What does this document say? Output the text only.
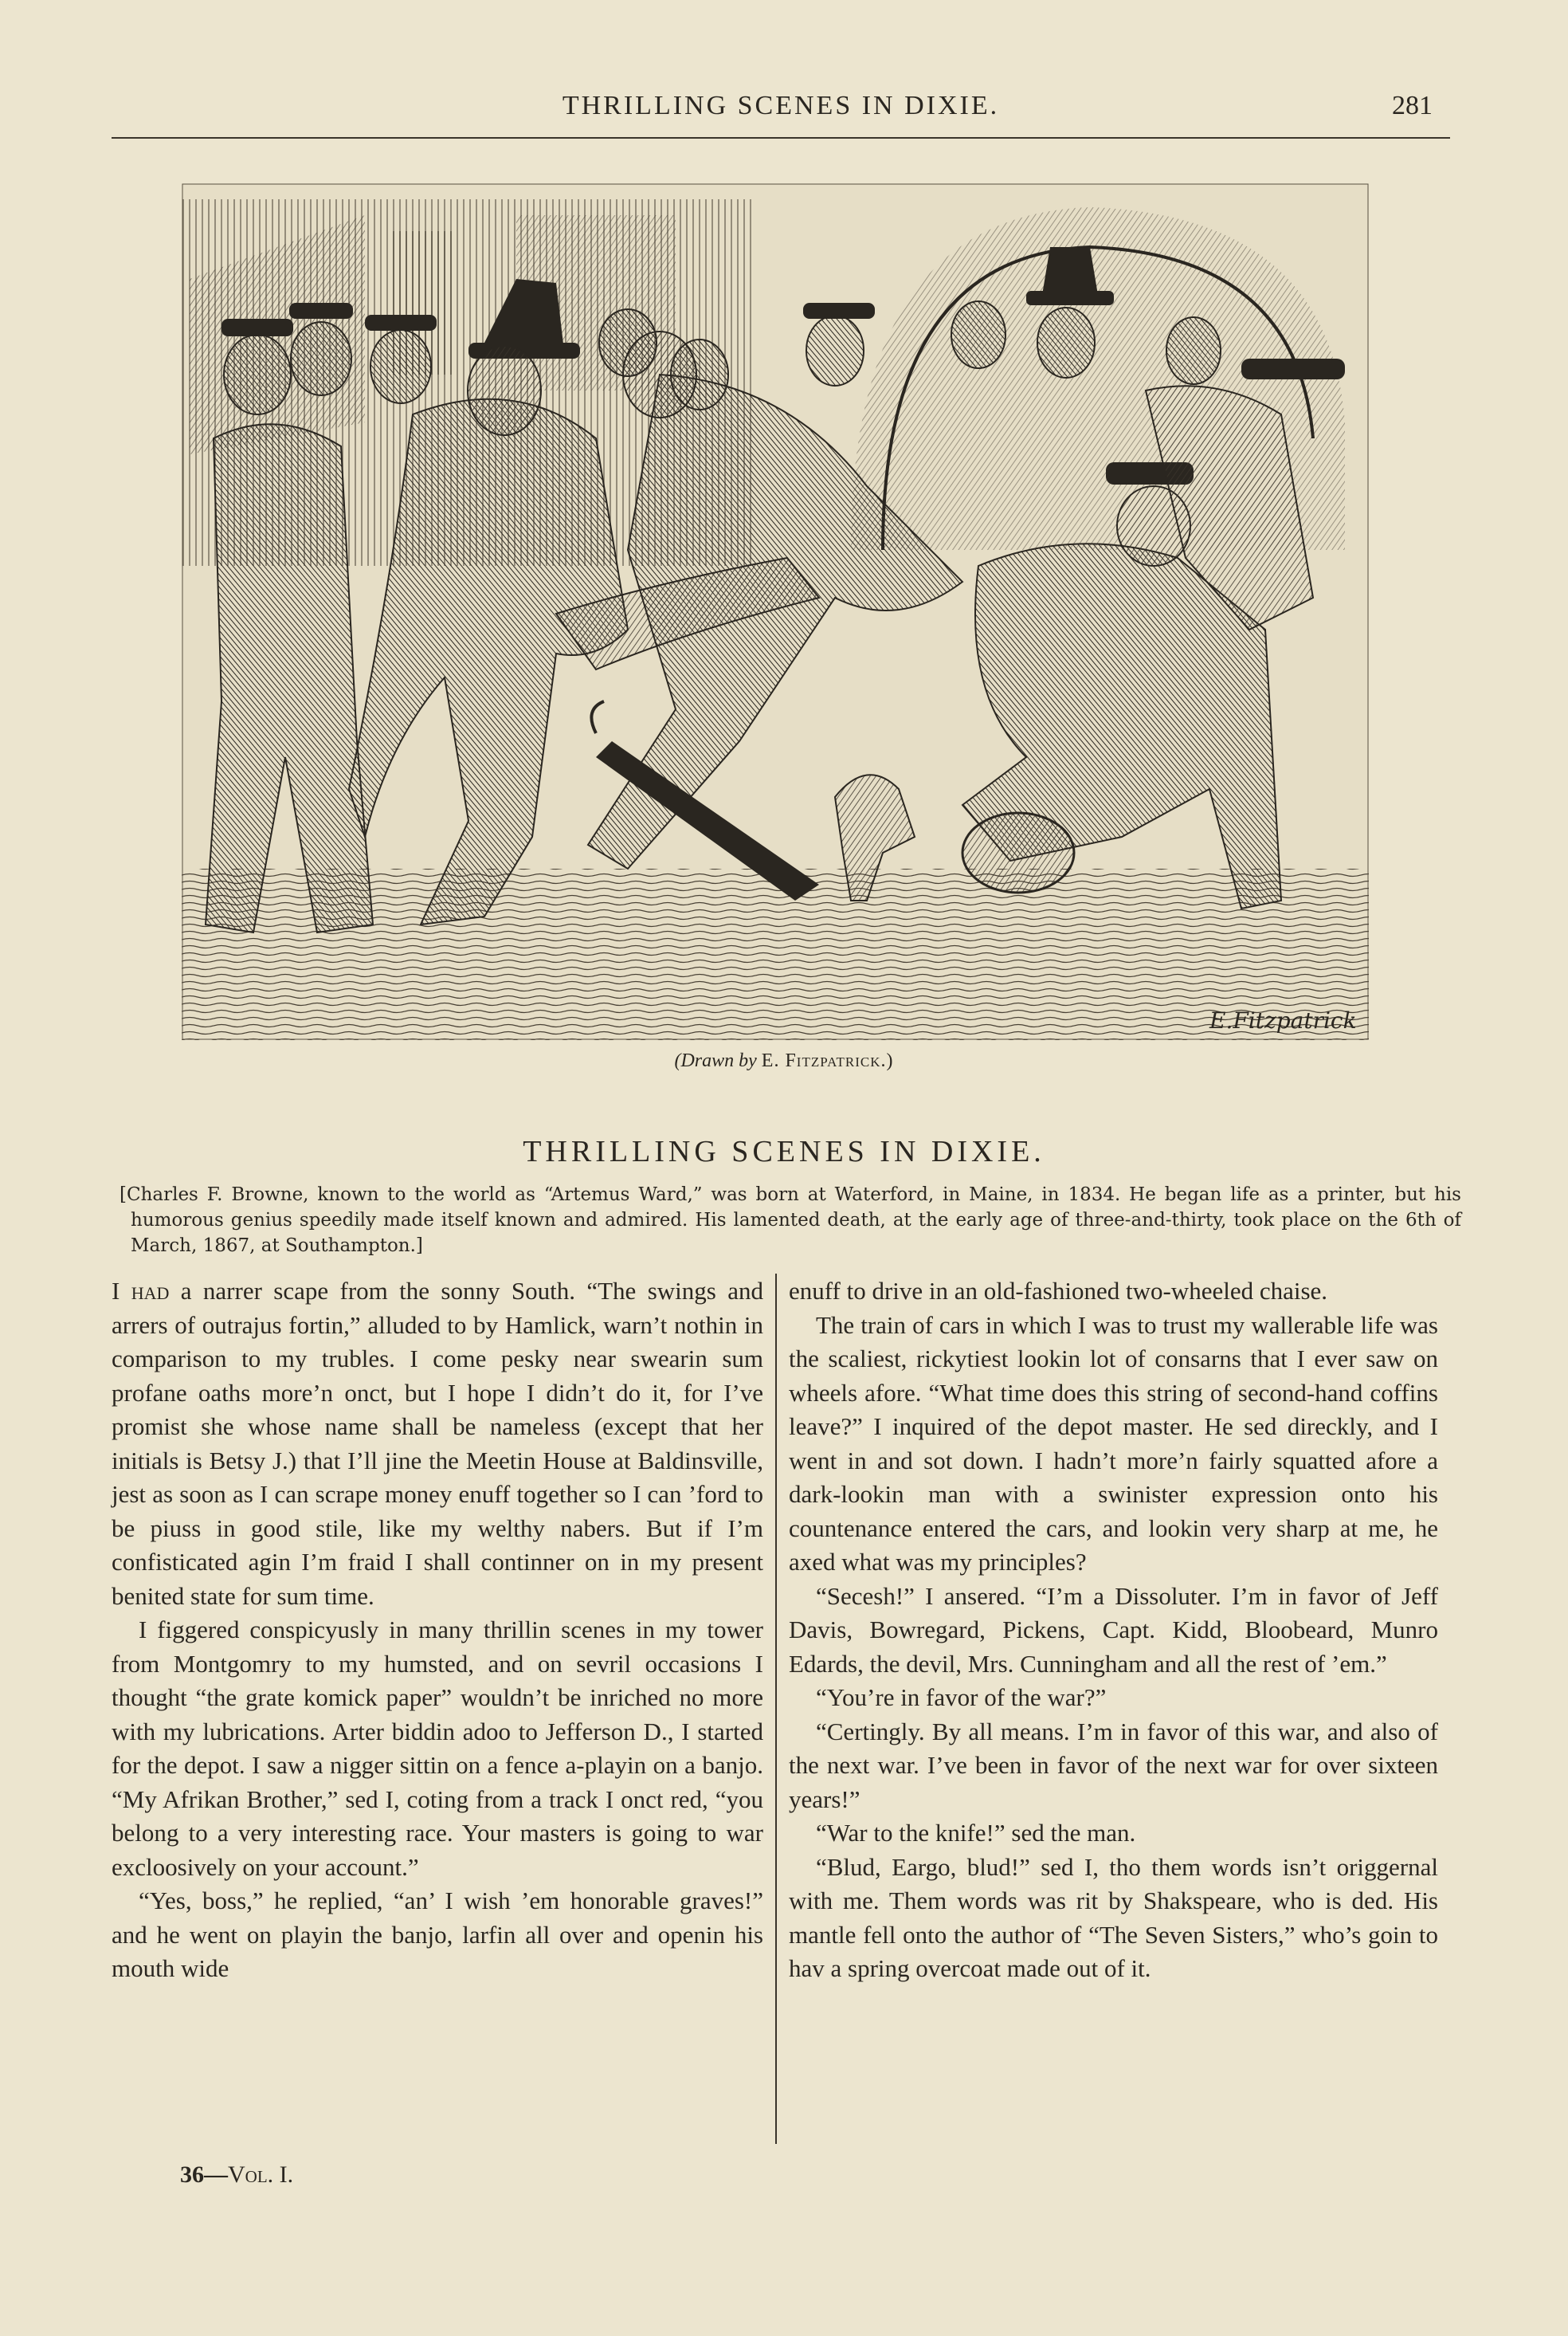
THRILLING SCENES IN DIXIE.	281
E.Fitzpatrick
(Drawn by E. Fitzpatrick.)
THRILLING SCENES IN DIXIE.
[Charles F. Browne, known to the world as “Artemus Ward,” was born at Waterford, in Maine, in 1834. He began life as a printer, but his humorous genius speedily made itself known and admired. His lamented death, at the early age of three-and-thirty, took place on the 6th of March, 1867, at Southampton.]

I had a narrer scape from the sonny South. “The swings and arrers of outrajus fortin,” alluded to by Hamlick, warn’t nothin in comparison to my trubles. I come pesky near swearin sum profane oaths more’n onct, but I hope I didn’t do it, for I’ve promist she whose name shall be nameless (except that her initials is Betsy J.) that I’ll jine the Meetin House at Baldinsville, jest as soon as I can scrape money enuff together so I can ’ford to be piuss in good stile, like my welthy nabers. But if I’m confisticated agin I’m fraid I shall continner on in my present benited state for sum time.

I figgered conspicyusly in many thrillin scenes in my tower from Montgomry to my humsted, and on sevril occasions I thought “the grate komick paper” wouldn’t be inriched no more with my lubrications. Arter biddin adoo to Jefferson D., I started for the depot. I saw a nigger sittin on a fence a-playin on a banjo. “My Afrikan Brother,” sed I, coting from a track I onct red, “you belong to a very interesting race. Your masters is going to war excloosively on your account.”

“Yes, boss,” he replied, “an’ I wish ’em honorable graves!” and he went on playin the banjo, larfin all over and openin his mouth wide

enuff to drive in an old-fashioned two-wheeled chaise.

The train of cars in which I was to trust my wallerable life was the scaliest, rickytiest lookin lot of consarns that I ever saw on wheels afore. “What time does this string of second-hand coffins leave?” I inquired of the depot master. He sed direckly, and I went in and sot down. I hadn’t more’n fairly squatted afore a dark-lookin man with a swinister expression onto his countenance entered the cars, and lookin very sharp at me, he axed what was my principles?

“Secesh!” I ansered. “I’m a Dissoluter. I’m in favor of Jeff Davis, Bowregard, Pickens, Capt. Kidd, Bloobeard, Munro Edards, the devil, Mrs. Cunningham and all the rest of ’em.”

“You’re in favor of the war?”

“Certingly. By all means. I’m in favor of this war, and also of the next war. I’ve been in favor of the next war for over sixteen years!”

“War to the knife!” sed the man.

“Blud, Eargo, blud!” sed I, tho them words isn’t origgernal with me. Them words was rit by Shakspeare, who is ded. His mantle fell onto the author of “The Seven Sisters,” who’s goin to hav a spring overcoat made out of it.

36—Vol. I.
